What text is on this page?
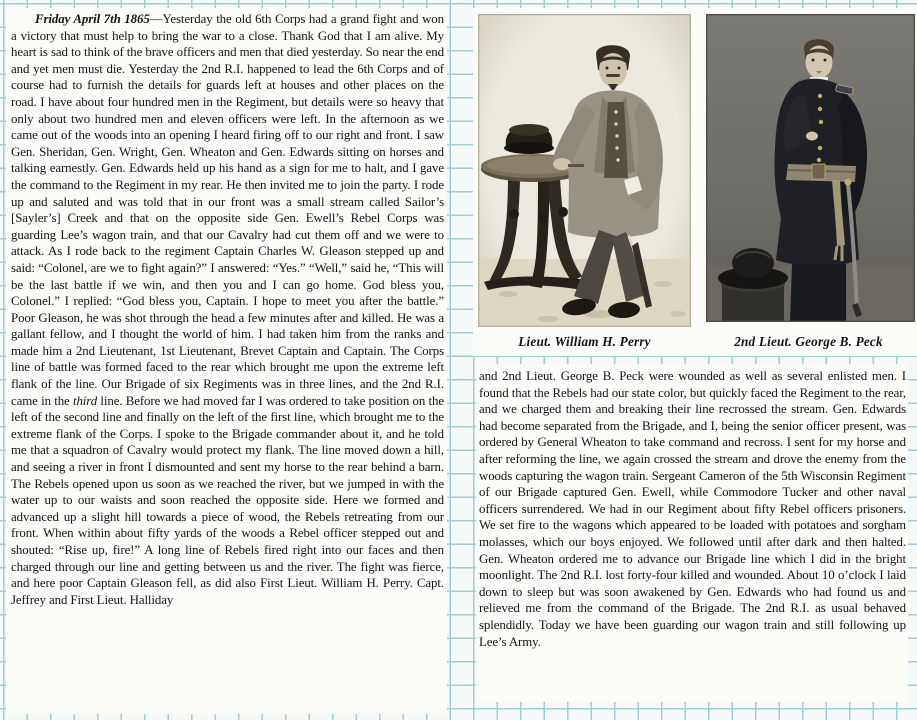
Friday April 7th 1865—Yesterday the old 6th Corps had a grand fight and won a victory that must help to bring the war to a close. Thank God that I am alive. My heart is sad to think of the brave officers and men that died yesterday. So near the end and yet men must die. Yesterday the 2nd R.I. happened to lead the 6th Corps and of course had to furnish the details for guards left at houses and other places on the road. I have about four hundred men in the Regiment, but details were so heavy that only about two hundred men and eleven officers were left. In the afternoon as we came out of the woods into an opening I heard firing off to our right and front. I saw Gen. Sheridan, Gen. Wright, Gen. Wheaton and Gen. Edwards sitting on horses and talking earnestly. Gen. Edwards held up his hand as a sign for me to halt, and I gave the command to the Regiment in my rear. He then invited me to join the party. I rode up and saluted and was told that in our front was a small stream called Sailor’s [Sayler’s] Creek and that on the opposite side Gen. Ewell’s Rebel Corps was guarding Lee’s wagon train, and that our Cavalry had cut them off and we were to attack. As I rode back to the regiment Captain Charles W. Gleason stepped up and said: “Colonel, are we to fight again?” I answered: “Yes.” “Well,” said he, “This will be the last battle if we win, and then you and I can go home. God bless you, Colonel.” I replied: “God bless you, Captain. I hope to meet you after the battle.” Poor Gleason, he was shot through the head a few minutes after and killed. He was a gallant fellow, and I thought the world of him. I had taken him from the ranks and made him a 2nd Lieutenant, 1st Lieutenant, Brevet Captain and Captain. The Corps line of battle was formed faced to the rear which brought me upon the extreme left flank of the line. Our Brigade of six Regiments was in three lines, and the 2nd R.I. came in the third line. Before we had moved far I was ordered to take position on the left of the second line and finally on the left of the first line, which brought me to the extreme flank of the Corps. I spoke to the Brigade commander about it, and he told me that a squadron of Cavalry would protect my flank. The line moved down a hill, and seeing a river in front I dismounted and sent my horse to the rear behind a barn. The Rebels opened upon us soon as we reached the river, but we jumped in with the water up to our waists and soon reached the opposite side. Here we formed and advanced up a slight hill towards a piece of wood, the Rebels retreating from our front. When within about fifty yards of the woods a Rebel officer stepped out and shouted: “Rise up, fire!” A long line of Rebels fired right into our faces and then charged through our line and getting between us and the river. The fight was fierce, and here poor Captain Gleason fell, as did also First Lieut. William H. Perry. Capt. Jeffrey and First Lieut. Halliday

Lieut. William H. Perry	2nd Lieut. George B. Peck

and 2nd Lieut. George B. Peck were wounded as well as several enlisted men. I found that the Rebels had our state color, but quickly faced the Regiment to the rear, and we charged them and breaking their line recrossed the stream. Gen. Edwards had become separated from the Brigade, and I, being the senior officer present, was ordered by General Wheaton to take command and recross. I sent for my horse and after reforming the line, we again crossed the stream and drove the enemy from the woods capturing the wagon train. Sergeant Cameron of the 5th Wisconsin Regiment of our Brigade captured Gen. Ewell, while Commodore Tucker and other naval officers surrendered. We had in our Regiment about fifty Rebel officers prisoners. We set fire to the wagons which appeared to be loaded with potatoes and sorgham molasses, which our boys enjoyed. We followed until after dark and then halted. Gen. Wheaton ordered me to advance our Brigade line which I did in the bright moonlight. The 2nd R.I. lost forty-four killed and wounded. About 10 o’clock I laid down to sleep but was soon awakened by Gen. Edwards who had found us and relieved me from the command of the Brigade. The 2nd R.I. as usual behaved splendidly. Today we have been guarding our wagon train and still following up Lee’s Army.
